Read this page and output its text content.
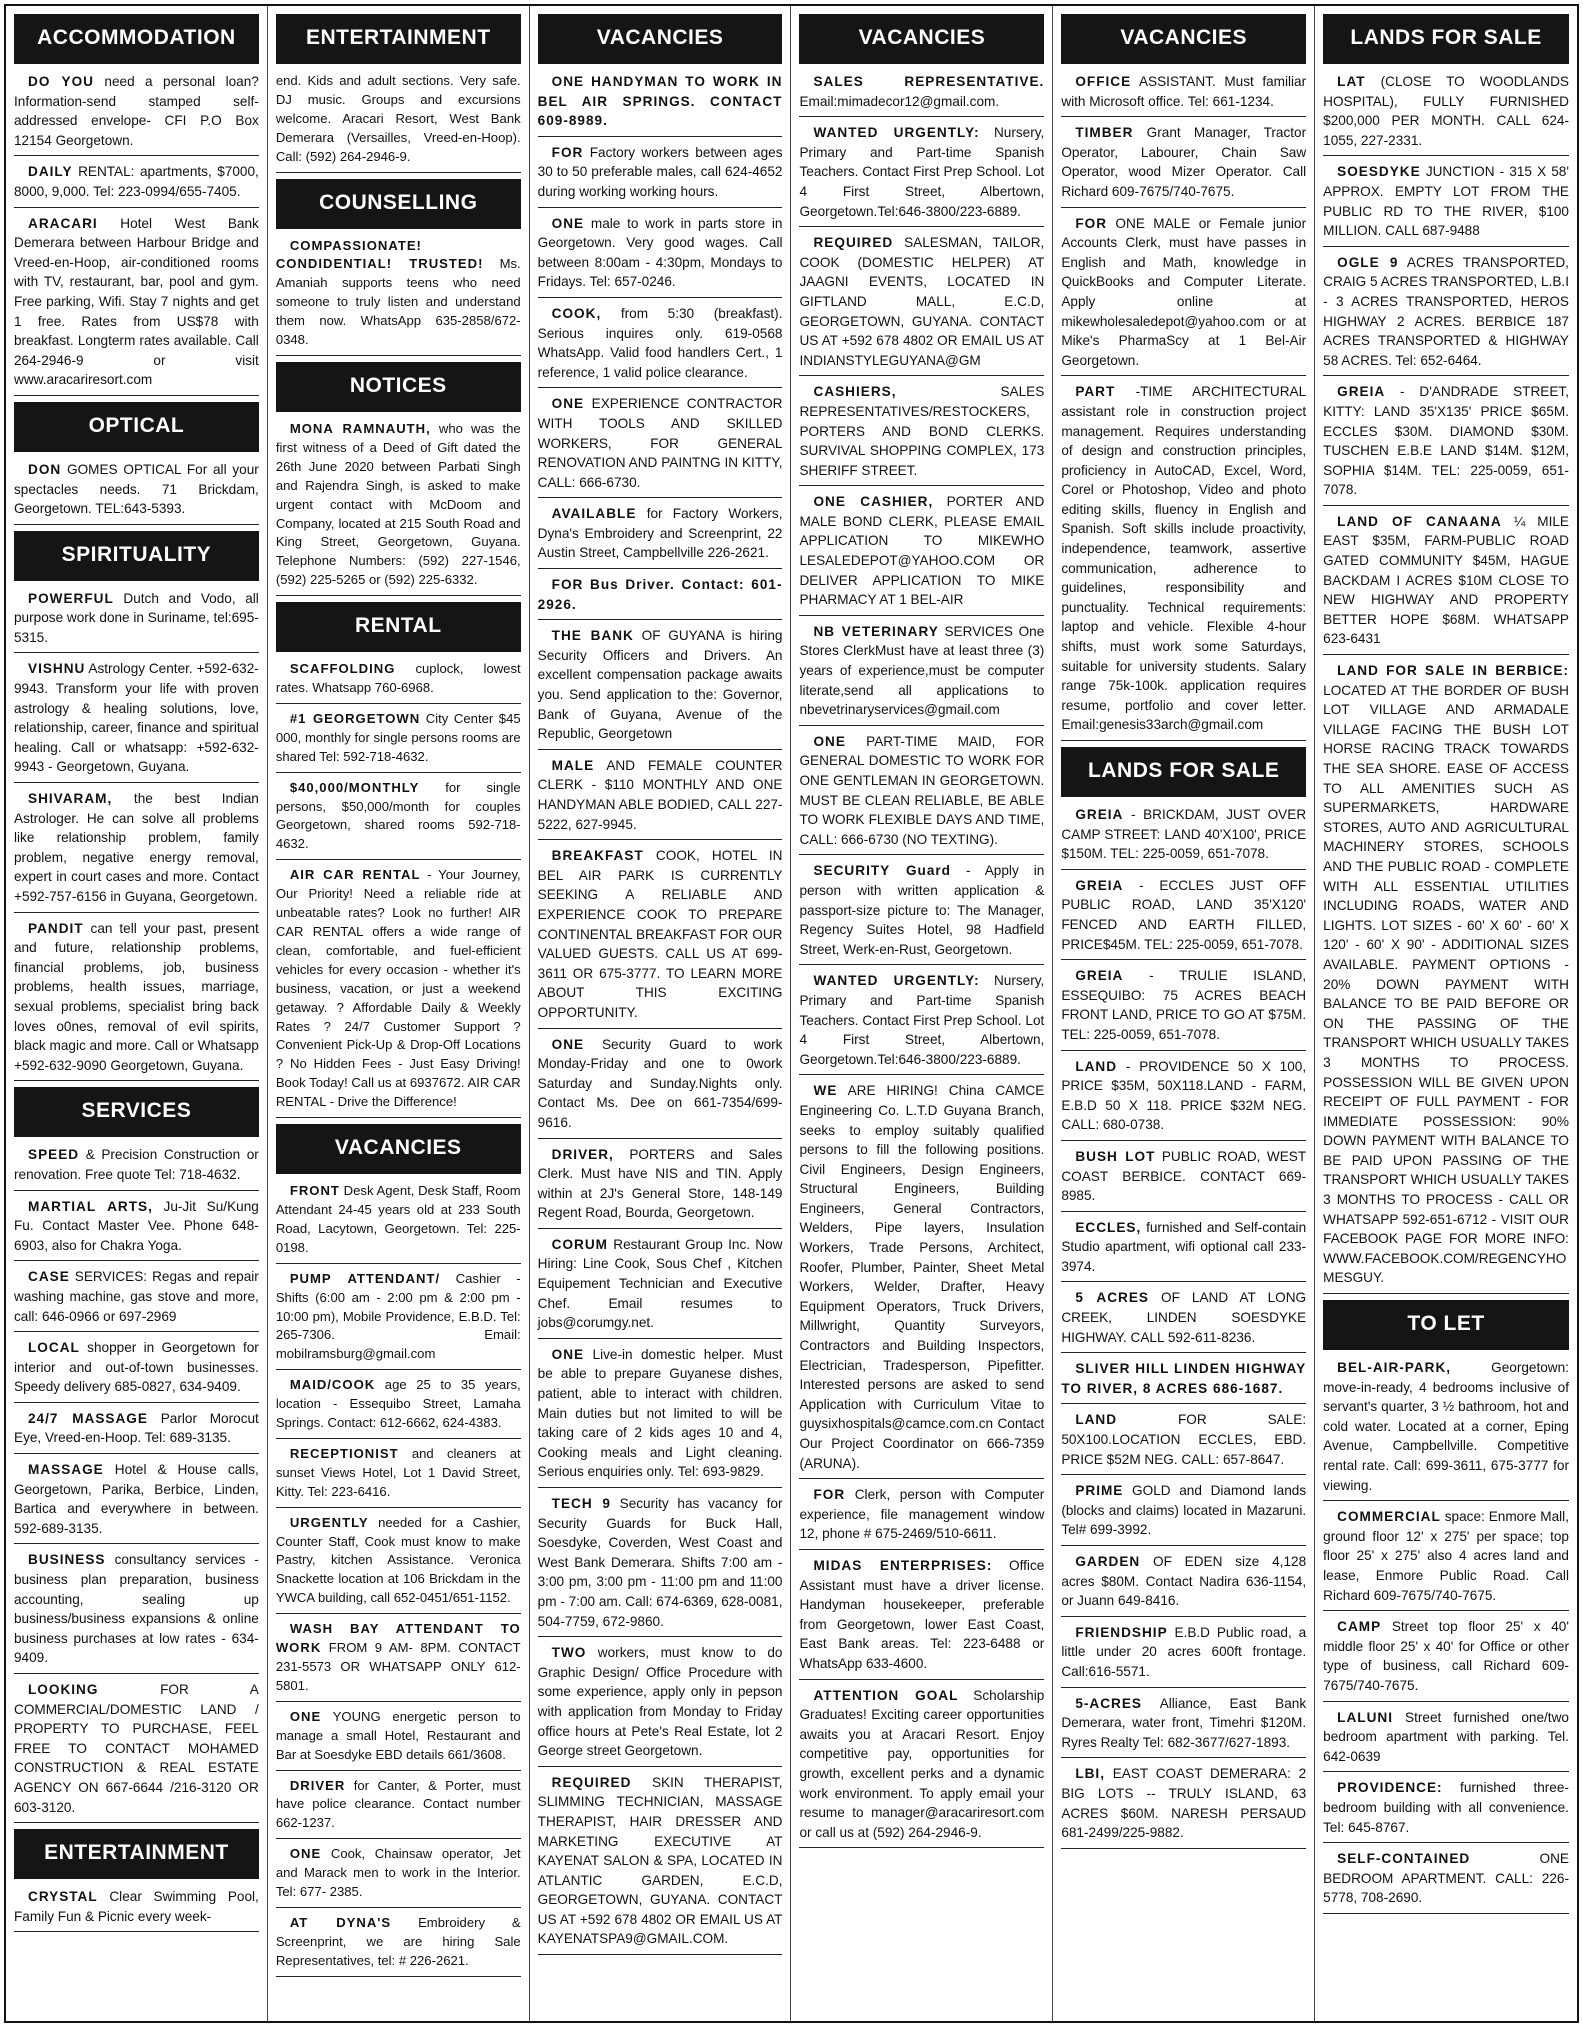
ACCOMMODATION
DO YOU need a personal loan? Information-send stamped self-addressed envelope- CFI P.O Box 12154 Georgetown.
DAILY RENTAL: apartments, $7000, 8000, 9,000. Tel: 223-0994/655-7405.
ARACARI Hotel West Bank Demerara between Harbour Bridge and Vreed-en-Hoop, air-conditioned rooms with TV, restaurant, bar, pool and gym. Free parking, Wifi. Stay 7 nights and get 1 free. Rates from US$78 with breakfast. Longterm rates available. Call 264-2946-9 or visit www.aracariresort.com
OPTICAL
DON GOMES OPTICAL For all your spectacles needs. 71 Brickdam, Georgetown. TEL:643-5393.
SPIRITUALITY
POWERFUL Dutch and Vodo, all purpose work done in Suriname, tel:695-5315.
VISHNU Astrology Center. +592-632-9943. Transform your life with proven astrology & healing solutions, love, relationship, career, finance and spiritual healing. Call or whatsapp: +592-632-9943 - Georgetown, Guyana.
SHIVARAM, the best Indian Astrologer. He can solve all problems like relationship problem, family problem, negative energy removal, expert in court cases and more. Contact +592-757-6156 in Guyana, Georgetown.
PANDIT can tell your past, present and future, relationship problems, financial problems, job, business problems, health issues, marriage, sexual problems, specialist bring back loves o0nes, removal of evil spirits, black magic and more. Call or Whatsapp +592-632-9090 Georgetown, Guyana.
SERVICES
SPEED & Precision Construction or renovation. Free quote Tel: 718-4632.
MARTIAL ARTS, Ju-Jit Su/Kung Fu. Contact Master Vee. Phone 648-6903, also for Chakra Yoga.
CASE SERVICES: Regas and repair washing machine, gas stove and more, call: 646-0966 or 697-2969
LOCAL shopper in Georgetown for interior and out-of-town businesses. Speedy delivery 685-0827, 634-9409.
24/7 MASSAGE Parlor Morocut Eye, Vreed-en-Hoop. Tel: 689-3135.
MASSAGE Hotel & House calls, Georgetown, Parika, Berbice, Linden, Bartica and everywhere in between. 592-689-3135.
BUSINESS consultancy services - business plan preparation, business accounting, sealing up business/business expansions & online business purchases at low rates - 634-9409.
LOOKING	FOR A COMMERCIAL/DOMESTIC LAND / PROPERTY TO PURCHASE, FEEL FREE TO CONTACT MOHAMED CONSTRUCTION & REAL ESTATE AGENCY ON 667-6644 /216-3120 OR 603-3120.
ENTERTAINMENT
CRYSTAL Clear Swimming Pool, Family Fun & Picnic every week-
ENTERTAINMENT
end. Kids and adult sections. Very safe. DJ music. Groups and excursions welcome. Aracari Resort, West Bank Demerara (Versailles, Vreed-en-Hoop). Call: (592) 264-2946-9.
COUNSELLING
COMPASSIONATE! CONDIDENTIAL! TRUSTED! Ms. Amaniah supports teens who need someone to truly listen and understand them now. WhatsApp 635-2858/672-0348.
NOTICES
MONA RAMNAUTH, who was the first witness of a Deed of Gift dated the 26th June 2020 between Parbati Singh and Rajendra Singh, is asked to make urgent contact with McDoom and Company, located at 215 South Road and King Street, Georgetown, Guyana. Telephone Numbers: (592) 227-1546, (592) 225-5265 or (592) 225-6332.
RENTAL
SCAFFOLDING cuplock, lowest rates. Whatsapp 760-6968.
#1 GEORGETOWN City Center $45 000, monthly for single persons rooms are shared Tel: 592-718-4632.
$40,000/MONTHLY for single persons, $50,000/month for couples Georgetown, shared rooms 592-718-4632.
AIR CAR RENTAL - Your Journey, Our Priority! Need a reliable ride at unbeatable rates? Look no further! AIR CAR RENTAL offers a wide range of clean, comfortable, and fuel-efficient vehicles for every occasion - whether it's business, vacation, or just a weekend getaway. ? Affordable Daily & Weekly Rates ? 24/7 Customer Support ? Convenient Pick-Up & Drop-Off Locations ? No Hidden Fees - Just Easy Driving! Book Today! Call us at 6937672. AIR CAR RENTAL - Drive the Difference!
VACANCIES
FRONT Desk Agent, Desk Staff, Room Attendant 24-45 years old at 233 South Road, Lacytown, Georgetown. Tel: 225-0198.
PUMP ATTENDANT/ Cashier - Shifts (6:00 am - 2:00 pm & 2:00 pm - 10:00 pm), Mobile Providence, E.B.D. Tel: 265-7306. Email: mobilramsburg@gmail.com
MAID/COOK age 25 to 35 years, location - Essequibo Street, Lamaha Springs. Contact: 612-6662, 624-4383.
RECEPTIONIST and cleaners at sunset Views Hotel, Lot 1 David Street, Kitty. Tel: 223-6416.
URGENTLY needed for a Cashier, Counter Staff, Cook must know to make Pastry, kitchen Assistance. Veronica Snackette location at 106 Brickdam in the YWCA building, call 652-0451/651-1152.
WASH BAY ATTENDANT TO WORK FROM 9 AM- 8PM. CONTACT 231-5573 OR WHATSAPP ONLY 612-5801.
ONE YOUNG energetic person to manage a small Hotel, Restaurant and Bar at Soesdyke EBD details 661/3608.
DRIVER for Canter, & Porter, must have police clearance. Contact number 662-1237.
ONE Cook, Chainsaw operator, Jet and Marack men to work in the Interior. Tel: 677- 2385.
AT DYNA'S Embroidery & Screenprint, we are hiring Sale Representatives, tel: # 226-2621.
VACANCIES
ONE HANDYMAN TO WORK IN BEL AIR SPRINGS. CONTACT 609-8989.
FOR Factory workers between ages 30 to 50 preferable males, call 624-4652 during working working hours.
ONE male to work in parts store in Georgetown. Very good wages. Call between 8:00am - 4:30pm, Mondays to Fridays. Tel: 657-0246.
COOK, from 5:30 (breakfast). Serious inquires only. 619-0568 WhatsApp. Valid food handlers Cert., 1 reference, 1 valid police clearance.
ONE EXPERIENCE CONTRACTOR WITH TOOLS AND SKILLED WORKERS, FOR GENERAL RENOVATION AND PAINTNG IN KITTY, CALL: 666-6730.
AVAILABLE for Factory Workers, Dyna's Embroidery and Screenprint, 22 Austin Street, Campbellville 226-2621.
FOR Bus Driver. Contact: 601-2926.
THE BANK OF GUYANA is hiring Security Officers and Drivers. An excellent compensation package awaits you. Send application to the: Governor, Bank of Guyana, Avenue of the Republic, Georgetown
MALE AND FEMALE COUNTER CLERK - $110 MONTHLY AND ONE HANDYMAN ABLE BODIED, CALL 227-5222, 627-9945.
BREAKFAST COOK, HOTEL IN BEL AIR PARK IS CURRENTLY SEEKING A RELIABLE AND EXPERIENCE COOK TO PREPARE CONTINENTAL BREAKFAST FOR OUR VALUED GUESTS. CALL US AT 699-3611 OR 675-3777. TO LEARN MORE ABOUT THIS EXCITING OPPORTUNITY.
ONE Security Guard to work Monday-Friday and one to 0work Saturday and Sunday.Nights only. Contact Ms. Dee on 661-7354/699-9616.
DRIVER, PORTERS and Sales Clerk. Must have NIS and TIN. Apply within at 2J's General Store, 148-149 Regent Road, Bourda, Georgetown.
CORUM Restaurant Group Inc. Now Hiring: Line Cook, Sous Chef , Kitchen Equipement Technician and Executive Chef. Email resumes to jobs@corumgy.net.
ONE Live-in domestic helper. Must be able to prepare Guyanese dishes, patient, able to interact with children. Main duties but not limited to will be taking care of 2 kids ages 10 and 4, Cooking meals and Light cleaning. Serious enquiries only. Tel: 693-9829.
TECH 9 Security has vacancy for Security Guards for Buck Hall, Soesdyke, Coverden, West Coast and West Bank Demerara. Shifts 7:00 am - 3:00 pm, 3:00 pm - 11:00 pm and 11:00 pm - 7:00 am. Call: 674-6369, 628-0081, 504-7759, 672-9860.
TWO workers, must know to do Graphic Design/ Office Procedure with some experience, apply only in pepson with application from Monday to Friday office hours at Pete's Real Estate, lot 2 George street Georgetown.
REQUIRED SKIN THERAPIST, SLIMMING TECHNICIAN, MASSAGE THERAPIST, HAIR DRESSER AND MARKETING EXECUTIVE AT KAYENAT SALON & SPA, LOCATED IN ATLANTIC GARDEN, E.C.D, GEORGETOWN, GUYANA. CONTACT US AT +592 678 4802 OR EMAIL US AT KAYENATSPA9@GMAIL.COM.
VACANCIES
SALES REPRESENTATIVE. Email:mimadecor12@gmail.com.
WANTED URGENTLY: Nursery, Primary and Part-time Spanish Teachers. Contact First Prep School. Lot 4 First Street, Albertown, Georgetown.Tel:646-3800/223-6889.
REQUIRED SALESMAN, TAILOR, COOK (DOMESTIC HELPER) AT JAAGNI EVENTS, LOCATED IN GIFTLAND MALL, E.C.D, GEORGETOWN, GUYANA. CONTACT US AT +592 678 4802 OR EMAIL US AT INDIANSTYLEGUYANA@GM
CASHIERS,	SALES REPRESENTATIVES/RESTOCKERS, PORTERS AND BOND CLERKS. SURVIVAL SHOPPING COMPLEX, 173 SHERIFF STREET.
ONE CASHIER, PORTER AND MALE BOND CLERK, PLEASE EMAIL APPLICATION TO MIKEWHO LESALEDEPOT@YAHOO.COM OR DELIVER APPLICATION TO MIKE PHARMACY AT 1 BEL-AIR
NB VETERINARY SERVICES One Stores ClerkMust have at least three (3) years of experience,must be computer literate,send all applications to nbevetrinaryservices@gmail.com
ONE PART-TIME MAID, FOR GENERAL DOMESTIC TO WORK FOR ONE GENTLEMAN IN GEORGETOWN. MUST BE CLEAN RELIABLE, BE ABLE TO WORK FLEXIBLE DAYS AND TIME, CALL: 666-6730 (NO TEXTING).
SECURITY Guard - Apply in person with written application & passport-size picture to: The Manager, Regency Suites Hotel, 98 Hadfield Street, Werk-en-Rust, Georgetown.
WANTED URGENTLY: Nursery, Primary and Part-time Spanish Teachers. Contact First Prep School. Lot 4 First Street, Albertown, Georgetown.Tel:646-3800/223-6889.
WE ARE HIRING! China CAMCE Engineering Co. L.T.D Guyana Branch, seeks to employ suitably qualified persons to fill the following positions. Civil Engineers, Design Engineers, Structural Engineers, Building Engineers, General Contractors, Welders, Pipe layers, Insulation Workers, Trade Persons, Architect, Roofer, Plumber, Painter, Sheet Metal Workers, Welder, Drafter, Heavy Equipment Operators, Truck Drivers, Millwright, Quantity Surveyors, Contractors and Building Inspectors, Electrician, Tradesperson, Pipefitter. Interested persons are asked to send Application with Curriculum Vitae to guysixhospitals@camce.com.cn Contact Our Project Coordinator on 666-7359 (ARUNA).
FOR Clerk, person with Computer experience, file management window 12, phone # 675-2469/510-6611.
MIDAS ENTERPRISES: Office Assistant must have a driver license. Handyman housekeeper, preferable from Georgetown, lower East Coast, East Bank areas. Tel: 223-6488 or WhatsApp 633-4600.
ATTENTION GOAL Scholarship Graduates! Exciting career opportunities awaits you at Aracari Resort. Enjoy competitive pay, opportunities for growth, excellent perks and a dynamic work environment. To apply email your resume to manager@aracariresort.com or call us at (592) 264-2946-9.
VACANCIES
OFFICE ASSISTANT. Must familiar with Microsoft office. Tel: 661-1234.
TIMBER Grant Manager, Tractor Operator, Labourer, Chain Saw Operator, wood Mizer Operator. Call Richard 609-7675/740-7675.
FOR ONE MALE or Female junior Accounts Clerk, must have passes in English and Math, knowledge in QuickBooks and Computer Literate. Apply online at mikewholesaledepot@yahoo.com or at Mike's PharmaScy at 1 Bel-Air Georgetown.
PART -TIME ARCHITECTURAL assistant role in construction project management. Requires understanding of design and construction principles, proficiency in AutoCAD, Excel, Word, Corel or Photoshop, Video and photo editing skills, fluency in English and Spanish. Soft skills include proactivity, independence, teamwork, assertive communication, adherence to guidelines, responsibility and punctuality. Technical requirements: laptop and vehicle. Flexible 4-hour shifts, must work some Saturdays, suitable for university students. Salary range 75k-100k. application requires resume, portfolio and cover letter. Email:genesis33arch@gmail.com
LANDS FOR SALE
GREIA - BRICKDAM, JUST OVER CAMP STREET: LAND 40'X100', PRICE $150M. TEL: 225-0059, 651-7078.
GREIA - ECCLES JUST OFF PUBLIC ROAD, LAND 35'X120' FENCED AND EARTH FILLED, PRICE$45M. TEL: 225-0059, 651-7078.
GREIA - TRULIE ISLAND, ESSEQUIBO: 75 ACRES BEACH FRONT LAND, PRICE TO GO AT $75M. TEL: 225-0059, 651-7078.
LAND - PROVIDENCE 50 X 100, PRICE $35M, 50X118.LAND - FARM, E.B.D 50 X 118. PRICE $32M NEG. CALL: 680-0738.
BUSH LOT PUBLIC ROAD, WEST COAST BERBICE. CONTACT 669-8985.
ECCLES, furnished and Self-contain Studio apartment, wifi optional call 233-3974.
5 ACRES OF LAND AT LONG CREEK, LINDEN SOESDYKE HIGHWAY. CALL 592-611-8236.
SLIVER HILL LINDEN HIGHWAY TO RIVER, 8 ACRES 686-1687.
LAND	FOR SALE: 50X100.LOCATION ECCLES, EBD. PRICE $52M NEG. CALL: 657-8647.
PRIME GOLD and Diamond lands (blocks and claims) located in Mazaruni. Tel# 699-3992.
GARDEN OF EDEN size 4,128 acres $80M. Contact Nadira 636-1154, or Juann 649-8416.
FRIENDSHIP E.B.D Public road, a little under 20 acres 600ft frontage. Call:616-5571.
5-ACRES Alliance, East Bank Demerara, water front, Timehri $120M. Ryres Realty Tel: 682-3677/627-1893.
LBI, EAST COAST DEMERARA: 2 BIG LOTS -- TRULY ISLAND, 63 ACRES $60M. NARESH PERSAUD 681-2499/225-9882.
LANDS FOR SALE
LAT (CLOSE TO WOODLANDS HOSPITAL), FULLY FURNISHED $200,000 PER MONTH. CALL 624-1055, 227-2331.
SOESDYKE JUNCTION - 315 X 58' APPROX. EMPTY LOT FROM THE PUBLIC RD TO THE RIVER, $100 MILLION. CALL 687-9488
OGLE 9 ACRES TRANSPORTED, CRAIG 5 ACRES TRANSPORTED, L.B.I - 3 ACRES TRANSPORTED, HEROS HIGHWAY 2 ACRES. BERBICE 187 ACRES TRANSPORTED & HIGHWAY 58 ACRES. Tel: 652-6464.
GREIA - D'ANDRADE STREET, KITTY: LAND 35'X135' PRICE $65M. ECCLES $30M. DIAMOND $30M. TUSCHEN E.B.E LAND $14M. $12M, SOPHIA $14M. TEL: 225-0059, 651-7078.
LAND OF CANAANA ¼ MILE EAST $35M, FARM-PUBLIC ROAD GATED COMMUNITY $45M, HAGUE BACKDAM I ACRES $10M CLOSE TO NEW HIGHWAY AND PROPERTY BETTER HOPE $68M. WHATSAPP 623-6431
LAND FOR SALE IN BERBICE: LOCATED AT THE BORDER OF BUSH LOT VILLAGE AND ARMADALE VILLAGE FACING THE BUSH LOT HORSE RACING TRACK TOWARDS THE SEA SHORE. EASE OF ACCESS TO ALL AMENITIES SUCH AS SUPERMARKETS, HARDWARE STORES, AUTO AND AGRICULTURAL MACHINERY STORES, SCHOOLS AND THE PUBLIC ROAD - COMPLETE WITH ALL ESSENTIAL UTILITIES INCLUDING ROADS, WATER AND LIGHTS. LOT SIZES - 60' X 60' - 60' X 120' - 60' X 90' - ADDITIONAL SIZES AVAILABLE. PAYMENT OPTIONS - 20% DOWN PAYMENT WITH BALANCE TO BE PAID BEFORE OR ON THE PASSING OF THE TRANSPORT WHICH USUALLY TAKES 3 MONTHS TO PROCESS. POSSESSION WILL BE GIVEN UPON RECEIPT OF FULL PAYMENT - FOR IMMEDIATE POSSESSION: 90% DOWN PAYMENT WITH BALANCE TO BE PAID UPON PASSING OF THE TRANSPORT WHICH USUALLY TAKES 3 MONTHS TO PROCESS - CALL OR WHATSAPP 592-651-6712 - VISIT OUR FACEBOOK PAGE FOR MORE INFO: WWW.FACEBOOK.COM/REGENCYHOMESGUY.
TO LET
BEL-AIR-PARK,	Georgetown: move-in-ready, 4 bedrooms inclusive of servant's quarter, 3 ½ bathroom, hot and cold water. Located at a corner, Eping Avenue, Campbellville. Competitive rental rate. Call: 699-3611, 675-3777 for viewing.
COMMERCIAL space: Enmore Mall, ground floor 12' x 275' per space; top floor 25' x 275' also 4 acres land and lease, Enmore Public Road. Call Richard 609-7675/740-7675.
CAMP Street top floor 25' x 40' middle floor 25' x 40' for Office or other type of business, call Richard 609-7675/740-7675.
LALUNI Street furnished one/two bedroom apartment with parking. Tel. 642-0639
PROVIDENCE: furnished three-bedroom building with all convenience. Tel: 645-8767.
SELF-CONTAINED	ONE BEDROOM APARTMENT. CALL: 226-5778, 708-2690.
